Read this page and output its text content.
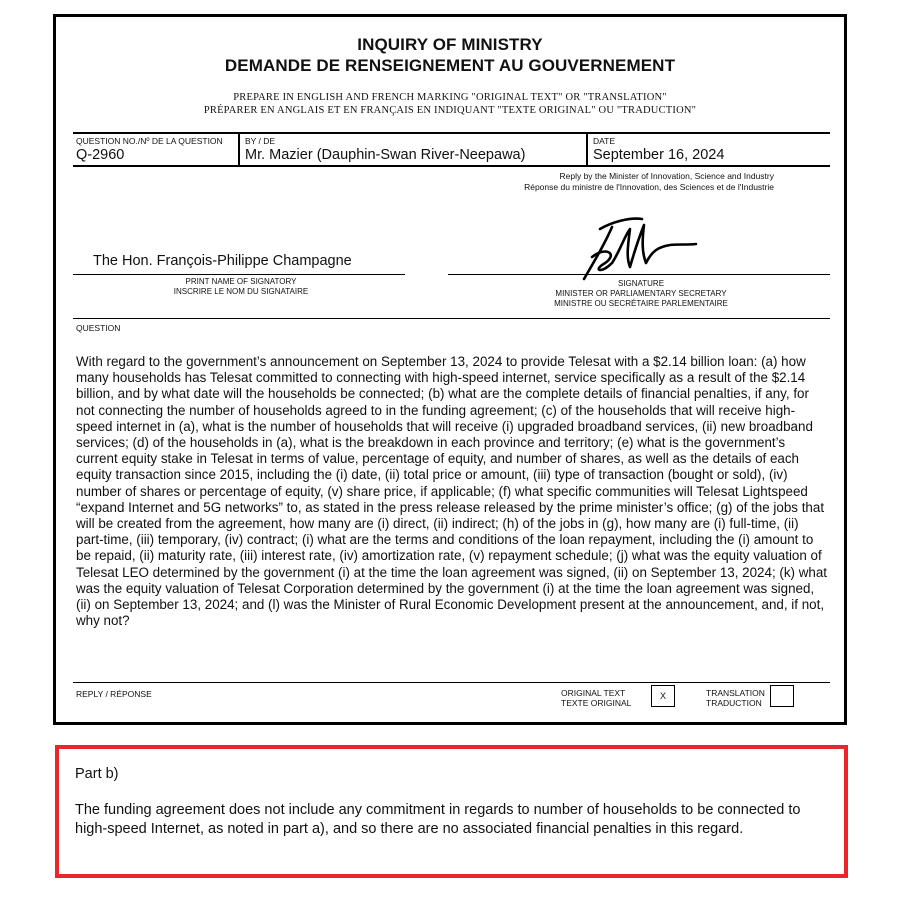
INQUIRY OF MINISTRY
DEMANDE DE RENSEIGNEMENT AU GOUVERNEMENT
PREPARE IN ENGLISH AND FRENCH MARKING "ORIGINAL TEXT" OR "TRANSLATION"
PRÉPARER EN ANGLAIS ET EN FRANÇAIS EN INDIQUANT "TEXTE ORIGINAL" OU "TRADUCTION"
QUESTION NO./Nº DE LA QUESTION
Q-2960
BY / DE
Mr. Mazier (Dauphin-Swan River-Neepawa)
DATE
September 16, 2024
Reply by the Minister of Innovation, Science and Industry
Réponse du ministre de l'Innovation, des Sciences et de l'Industrie
The Hon. François-Philippe Champagne
PRINT NAME OF SIGNATORY
INSCRIRE LE NOM DU SIGNATAIRE
SIGNATURE
MINISTER OR PARLIAMENTARY SECRETARY
MINISTRE OU SECRÉTAIRE PARLEMENTAIRE
QUESTION
With regard to the government’s announcement on September 13, 2024 to provide Telesat with a $2.14 billion loan: (a) how many households has Telesat committed to connecting with high-speed internet, service specifically as a result of the $2.14 billion, and by what date will the households be connected; (b) what are the complete details of financial penalties, if any, for not connecting the number of households agreed to in the funding agreement; (c) of the households that will receive high-speed internet in (a), what is the number of households that will receive (i) upgraded broadband services, (ii) new broadband services; (d) of the households in (a), what is the breakdown in each province and territory; (e) what is the government’s current equity stake in Telesat in terms of value, percentage of equity, and number of shares, as well as the details of each equity transaction since 2015, including the (i) date, (ii) total price or amount, (iii) type of transaction (bought or sold), (iv) number of shares or percentage of equity, (v) share price, if applicable; (f) what specific communities will Telesat Lightspeed “expand Internet and 5G networks” to, as stated in the press release released by the prime minister’s office; (g) of the jobs that will be created from the agreement, how many are (i) direct, (ii) indirect; (h) of the jobs in (g), how many are (i) full-time, (ii) part-time, (iii) temporary, (iv) contract; (i) what are the terms and conditions of the loan repayment, including the (i) amount to be repaid, (ii) maturity rate, (iii) interest rate, (iv) amortization rate, (v) repayment schedule; (j) what was the equity valuation of Telesat LEO determined by the government (i) at the time the loan agreement was signed, (ii) on September 13, 2024; (k) what was the equity valuation of Telesat Corporation determined by the government (i) at the time the loan agreement was signed, (ii) on September 13, 2024; and (l) was the Minister of Rural Economic Development present at the announcement, and, if not, why not?
REPLY / RÉPONSE	ORIGINAL TEXT
TEXTE ORIGINAL
X	TRANSLATION
TRADUCTION
Part b)
The funding agreement does not include any commitment in regards to number of households to be connected to high-speed Internet, as noted in part a), and so there are no associated financial penalties in this regard.
